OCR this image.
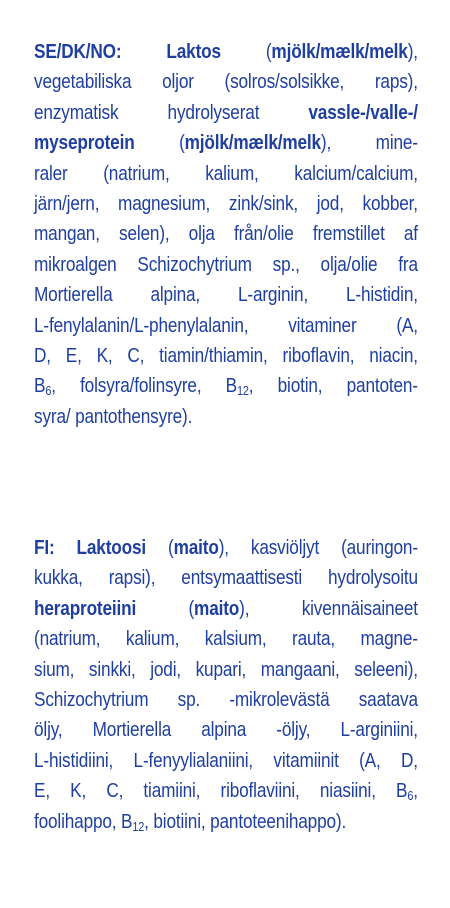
SE/DK/NO: Laktos (mjölk/mælk/melk),
vegetabiliska oljor (solros/solsikke, raps),
enzymatisk hydrolyserat vassle-/valle-/
myseprotein (mjölk/mælk/melk), mine-
raler (natrium, kalium, kalcium/calcium,
järn/jern, magnesium, zink/sink, jod, kobber,
mangan, selen), olja från/olie fremstillet af
mikroalgen Schizochytrium sp., olja/olie fra
Mortierella alpina, L-arginin, L-histidin,
L-fenylalanin/L-phenylalanin, vitaminer (A,
D, E, K, C, tiamin/thiamin, riboflavin, niacin,
$B_6$, folsyra/folinsyre, $B_{12}$, biotin, pantoten-
syra/ pantothensyre).
FI: Laktoosi (maito), kasviöljyt (auringon-
kukka, rapsi), entsymaattisesti hydrolysoitu
heraproteiini (maito), kivennäisaineet
(natrium, kalium, kalsium, rauta, magne-
sium, sinkki, jodi, kupari, mangaani, seleeni),
Schizochytrium sp. -mikrolevästä saatava
öljy, Mortierella alpina -öljy, L-arginiini,
L-histidiini, L-fenyylialaniini, vitamiinit (A, D,
E, K, C, tiamiini, riboflaviini, niasiini, $B_6$,
foolihappo, $B_{12}$, biotiini, pantoteenihappo).
